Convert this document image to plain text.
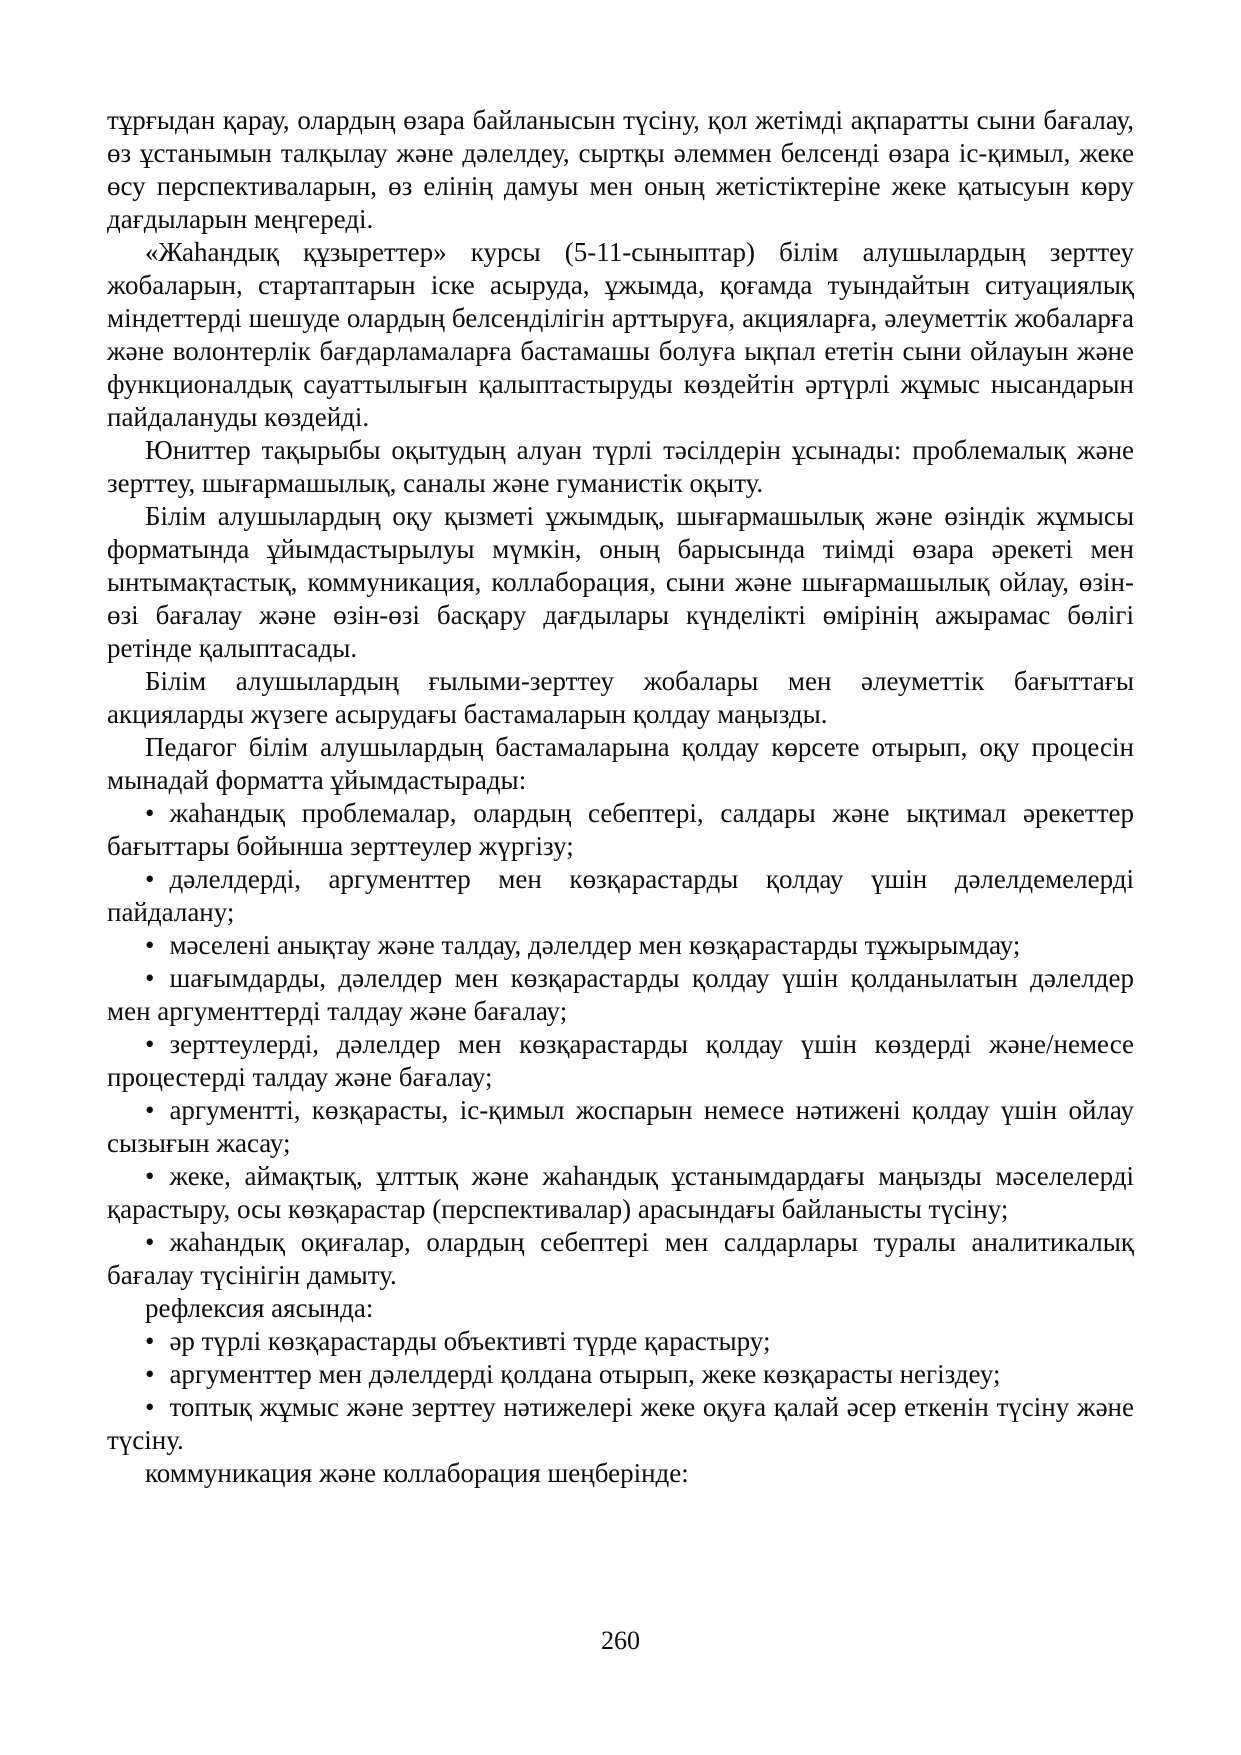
тұрғыдан қарау, олардың өзара байланысын түсіну, қол жетімді ақпаратты сыни бағалау, өз ұстанымын талқылау және дәлелдеу, сыртқы әлеммен белсенді өзара іс-қимыл, жеке өсу перспективаларын, өз елінің дамуы мен оның жетістіктеріне жеке қатысуын көру дағдыларын меңгереді.

«Жаһандық құзыреттер» курсы (5-11-сыныптар) білім алушылардың зерттеу жобаларын, стартаптарын іске асыруда, ұжымда, қоғамда туындайтын ситуациялық міндеттерді шешуде олардың белсенділігін арттыруға, акцияларға, әлеуметтік жобаларға және волонтерлік бағдарламаларға бастамашы болуға ықпал ететін сыни ойлауын және функционалдық сауаттылығын қалыптастыруды көздейтін әртүрлі жұмыс нысандарын пайдалануды көздейді.

Юниттер тақырыбы оқытудың алуан түрлі тәсілдерін ұсынады: проблемалық және зерттеу, шығармашылық, саналы және гуманистік оқыту.

Білім алушылардың оқу қызметі ұжымдық, шығармашылық және өзіндік жұмысы форматында ұйымдастырылуы мүмкін, оның барысында тиімді өзара әрекеті мен ынтымақтастық, коммуникация, коллаборация, сыни және шығармашылық ойлау, өзін-өзі бағалау және өзін-өзі басқару дағдылары күнделікті өмірінің ажырамас бөлігі ретінде қалыптасады.

Білім алушылардың ғылыми-зерттеу жобалары мен әлеуметтік бағыттағы акцияларды жүзеге асырудағы бастамаларын қолдау маңызды.

Педагог білім алушылардың бастамаларына қолдау көрсете отырып, оқу процесін мынадай форматта ұйымдастырады:

• жаһандық проблемалар, олардың себептері, салдары және ықтимал әрекеттер бағыттары бойынша зерттеулер жүргізу;

• дәлелдерді, аргументтер мен көзқарастарды қолдау үшін дәлелдемелерді пайдалану;

• мәселені анықтау және талдау, дәлелдер мен көзқарастарды тұжырымдау;

• шағымдарды, дәлелдер мен көзқарастарды қолдау үшін қолданылатын дәлелдер мен аргументтерді талдау және бағалау;

• зерттеулерді, дәлелдер мен көзқарастарды қолдау үшін көздерді және/немесе процестерді талдау және бағалау;

• аргументті, көзқарасты, іс-қимыл жоспарын немесе нәтижені қолдау үшін ойлау сызығын жасау;

• жеке, аймақтық, ұлттық және жаһандық ұстанымдардағы маңызды мәселелерді қарастыру, осы көзқарастар (перспективалар) арасындағы байланысты түсіну;

• жаһандық оқиғалар, олардың себептері мен салдарлары туралы аналитикалық бағалау түсінігін дамыту.

рефлексия аясында:

• әр түрлі көзқарастарды объективті түрде қарастыру;

• аргументтер мен дәлелдерді қолдана отырып, жеке көзқарасты негіздеу;

• топтық жұмыс және зерттеу нәтижелері жеке оқуға қалай әсер еткенін түсіну және түсіну.

коммуникация және коллаборация шеңберінде:

260
